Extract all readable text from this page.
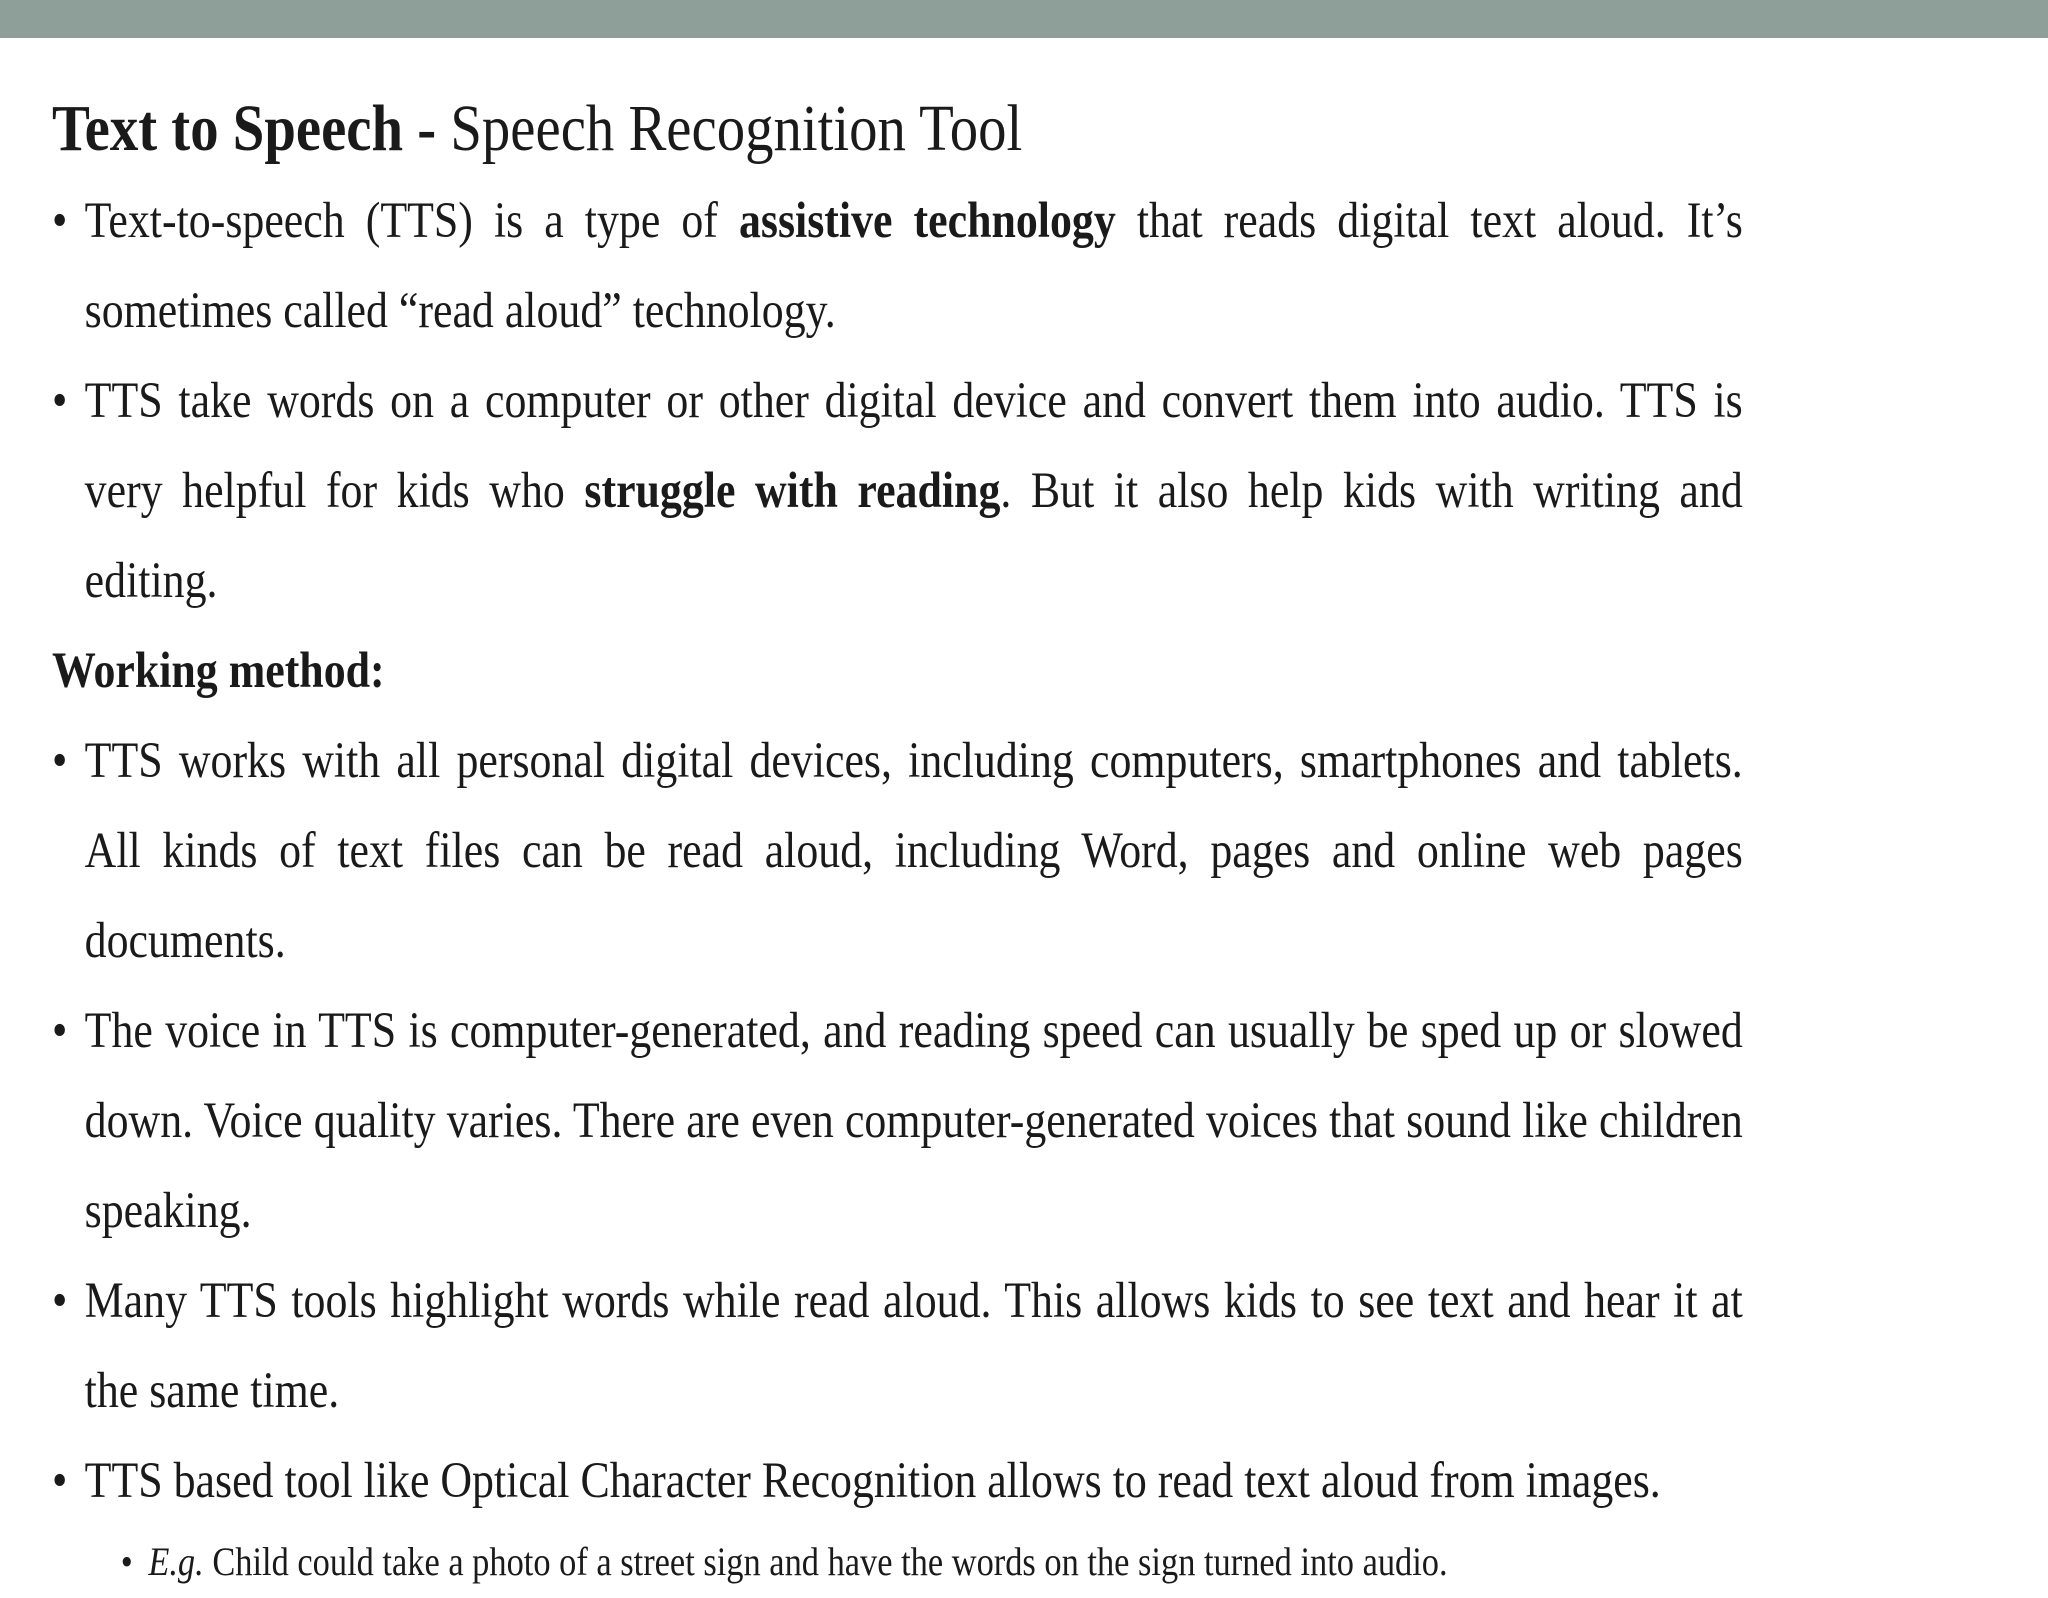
Text to Speech - Speech Recognition Tool

• Text-to-speech (TTS) is a type of assistive technology that reads digital text aloud. It’s sometimes called “read aloud” technology.

• TTS take words on a computer or other digital device and convert them into audio. TTS is very helpful for kids who struggle with reading. But it also help kids with writing and editing.

Working method:

• TTS works with all personal digital devices, including computers, smartphones and tablets. All kinds of text files can be read aloud, including Word, pages and online web pages documents.

• The voice in TTS is computer-generated, and reading speed can usually be sped up or slowed down. Voice quality varies. There are even computer-generated voices that sound like children speaking.

• Many TTS tools highlight words while read aloud. This allows kids to see text and hear it at the same time.

• TTS based tool like Optical Character Recognition allows to read text aloud from images.

• E.g. Child could take a photo of a street sign and have the words on the sign turned into audio.
